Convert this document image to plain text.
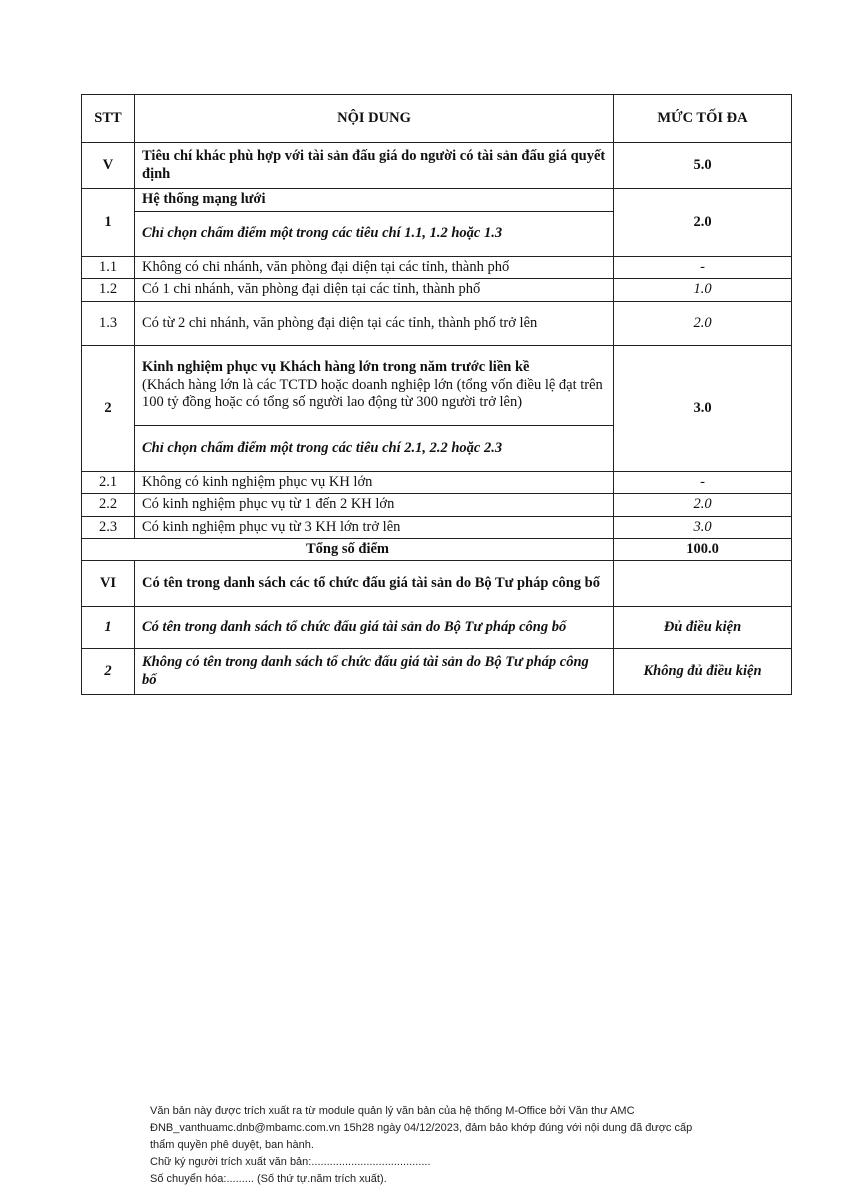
STT	NỘI DUNG	MỨC TỐI ĐA
V	Tiêu chí khác phù hợp với tài sản đấu giá do người có tài sản đấu giá quyết định	5.0
1	Hệ thống mạng lưới	2.0
	Chỉ chọn chấm điểm một trong các tiêu chí 1.1, 1.2 hoặc 1.3	
1.1	Không có chi nhánh, văn phòng đại diện tại các tỉnh, thành phố	-
1.2	Có 1 chi nhánh, văn phòng đại diện tại các tỉnh, thành phố	1.0
1.3	Có từ 2 chi nhánh, văn phòng đại diện tại các tỉnh, thành phố trở lên	2.0
2	Kinh nghiệm phục vụ Khách hàng lớn trong năm trước liền kề
(Khách hàng lớn là các TCTD hoặc doanh nghiệp lớn (tổng vốn điều lệ đạt trên 100 tỷ đồng hoặc có tổng số người lao động từ 300 người trở lên)	3.0
	Chỉ chọn chấm điểm một trong các tiêu chí 2.1, 2.2 hoặc 2.3	
2.1	Không có kinh nghiệm phục vụ KH lớn	-
2.2	Có kinh nghiệm phục vụ từ 1 đến 2 KH lớn	2.0
2.3	Có kinh nghiệm phục vụ từ 3 KH lớn trở lên	3.0
Tổng số điểm		100.0
VI	Có tên trong danh sách các tổ chức đấu giá tài sản do Bộ Tư pháp công bố	
1	Có tên trong danh sách tổ chức đấu giá tài sản do Bộ Tư pháp công bố	Đủ điều kiện
2	Không có tên trong danh sách tổ chức đấu giá tài sản do Bộ Tư pháp công bố	Không đủ điều kiện
Văn bản này được trích xuất ra từ module quản lý văn bản của hệ thống M-Office bởi Văn thư AMC
ĐNB_vanthuamc.dnb@mbamc.com.vn 15h28 ngày 04/12/2023, đảm bảo khớp đúng với nội dung đã được cấp
thẩm quyền phê duyệt, ban hành.
Chữ ký người trích xuất văn bản:.......................................
Số chuyển hóa:......... (Số thứ tự.năm trích xuất).
